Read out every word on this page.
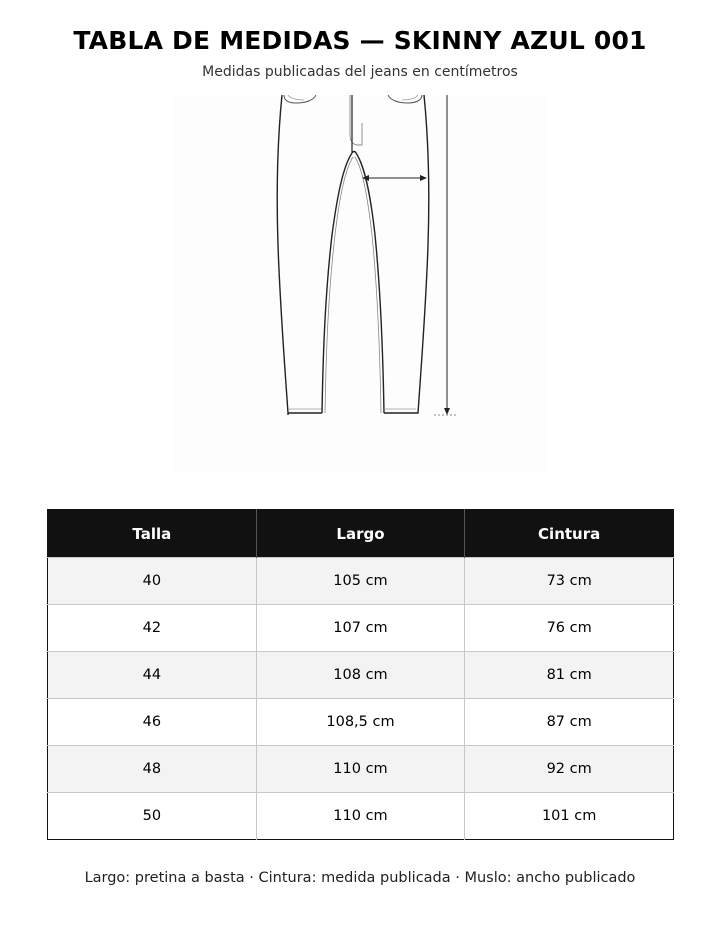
TABLA DE MEDIDAS — SKINNY AZUL 001
Medidas publicadas del jeans en centímetros
Talla	Largo	Cintura
40	105 cm	73 cm
42	107 cm	76 cm
44	108 cm	81 cm
46	108,5 cm	87 cm
48	110 cm	92 cm
50	110 cm	101 cm
Largo: pretina a basta · Cintura: medida publicada · Muslo: ancho publicado
